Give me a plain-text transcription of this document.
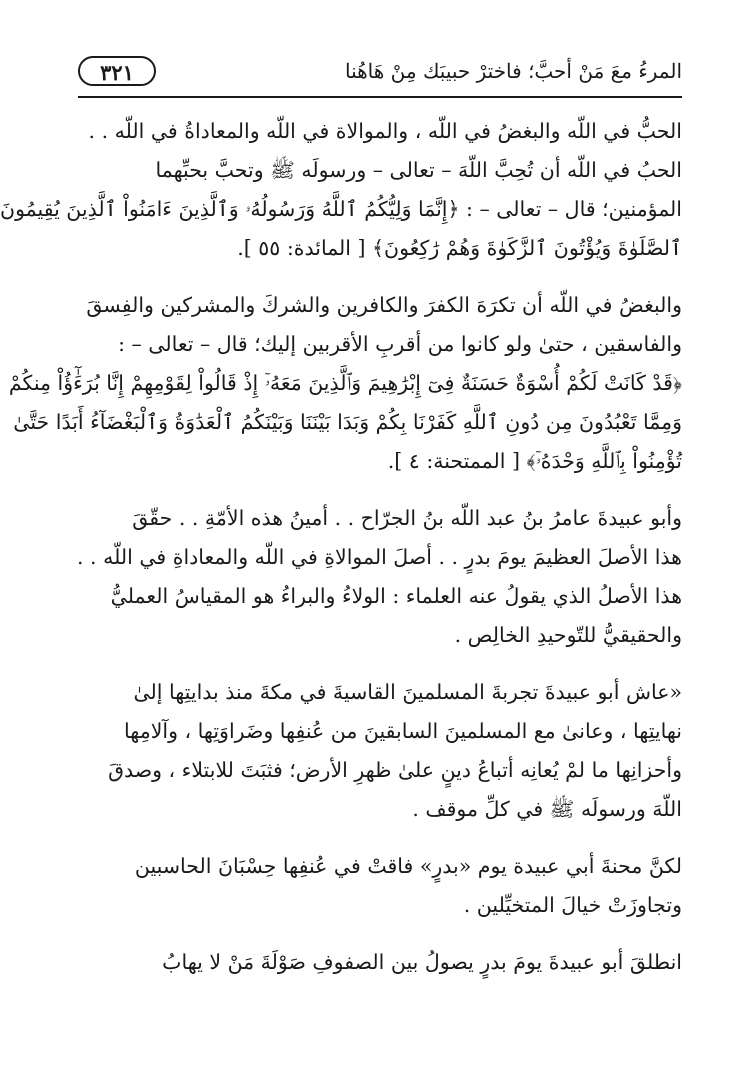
٣٢١	المرءُ معَ مَنْ أحبَّ؛ فاخترْ حبيبَك مِنْ هَاهُنا

الحبُّ في اللّه والبغضُ في اللّه ، والموالاة في اللّه والمعاداةُ في اللّه . .
الحبُ في اللّه أن تُحِبَّ اللّهَ – تعالى – ورسولَه ﷺ وتحبَّ بحبِّهما
المؤمنين؛ قال – تعالى – : ﴿إِنَّمَا وَلِيُّكُمُ ٱللَّهُ وَرَسُولُهُۥ وَٱلَّذِينَ ءَامَنُواْ ٱلَّذِينَ يُقِيمُونَ
ٱلصَّلَوٰةَ وَيُؤْتُونَ ٱلزَّكَوٰةَ وَهُمْ رَٰكِعُونَ﴾ [ المائدة: ٥٥ ].

والبغضُ في اللّه أن تكرَهَ الكفرَ والكافرين والشركَ والمشركين والفِسقَ
والفاسقين ، حتىٰ ولو كانوا من أقربِ الأقربين إليك؛ قال – تعالى – :
﴿قَدْ كَانَتْ لَكُمْ أُسْوَةٌ حَسَنَةٌ فِىٓ إِبْرَٰهِيمَ وَٱلَّذِينَ مَعَهُۥٓ إِذْ قَالُواْ لِقَوْمِهِمْ إِنَّا بُرَءَٰٓؤُاْ مِنكُمْ
وَمِمَّا تَعْبُدُونَ مِن دُونِ ٱللَّهِ كَفَرْنَا بِكُمْ وَبَدَا بَيْنَنَا وَبَيْنَكُمُ ٱلْعَدَٰوَةُ وَٱلْبَغْضَآءُ أَبَدًا حَتَّىٰ
تُؤْمِنُواْ بِٱللَّهِ وَحْدَهُۥٓ﴾ [ الممتحنة: ٤ ].

وأبو عبيدةَ عامرُ بنُ عبد اللّه بنُ الجرّاح . . أمينُ هذه الأمّةِ . . حقّقَ
هذا الأصلَ العظيمَ يومَ بدرٍ . . أصلَ الموالاةِ في اللّه والمعاداةِ في اللّه . .
هذا الأصلُ الذي يقولُ عنه العلماء : الولاءُ والبراءُ هو المقياسُ العمليُّ
والحقيقيُّ للتّوحيدِ الخالِص .

«عاش أبو عبيدةَ تجربةَ المسلمينَ القاسيةَ في مكةَ منذ بدايتِها إلىٰ
نهايتِها ، وعانىٰ مع المسلمينَ السابقينَ من عُنفِها وضَراوَتِها ، وآلامِها
وأحزانِها ما لمْ يُعانِه أتباعُ دينٍ علىٰ ظهرِ الأرض؛ فثبَتَ للابتلاء ، وصدقَ
اللّهَ ورسولَه ﷺ في كلِّ موقف .

لكنَّ محنةَ أبي عبيدة يوم «بدرٍ» فاقتْ في عُنفِها حِسْبَانَ الحاسبين
وتجاوزَتْ خيالَ المتخيِّلين .

انطلقَ أبو عبيدةَ يومَ بدرٍ يصولُ بين الصفوفِ صَوْلَةَ مَنْ لا يهابُ
